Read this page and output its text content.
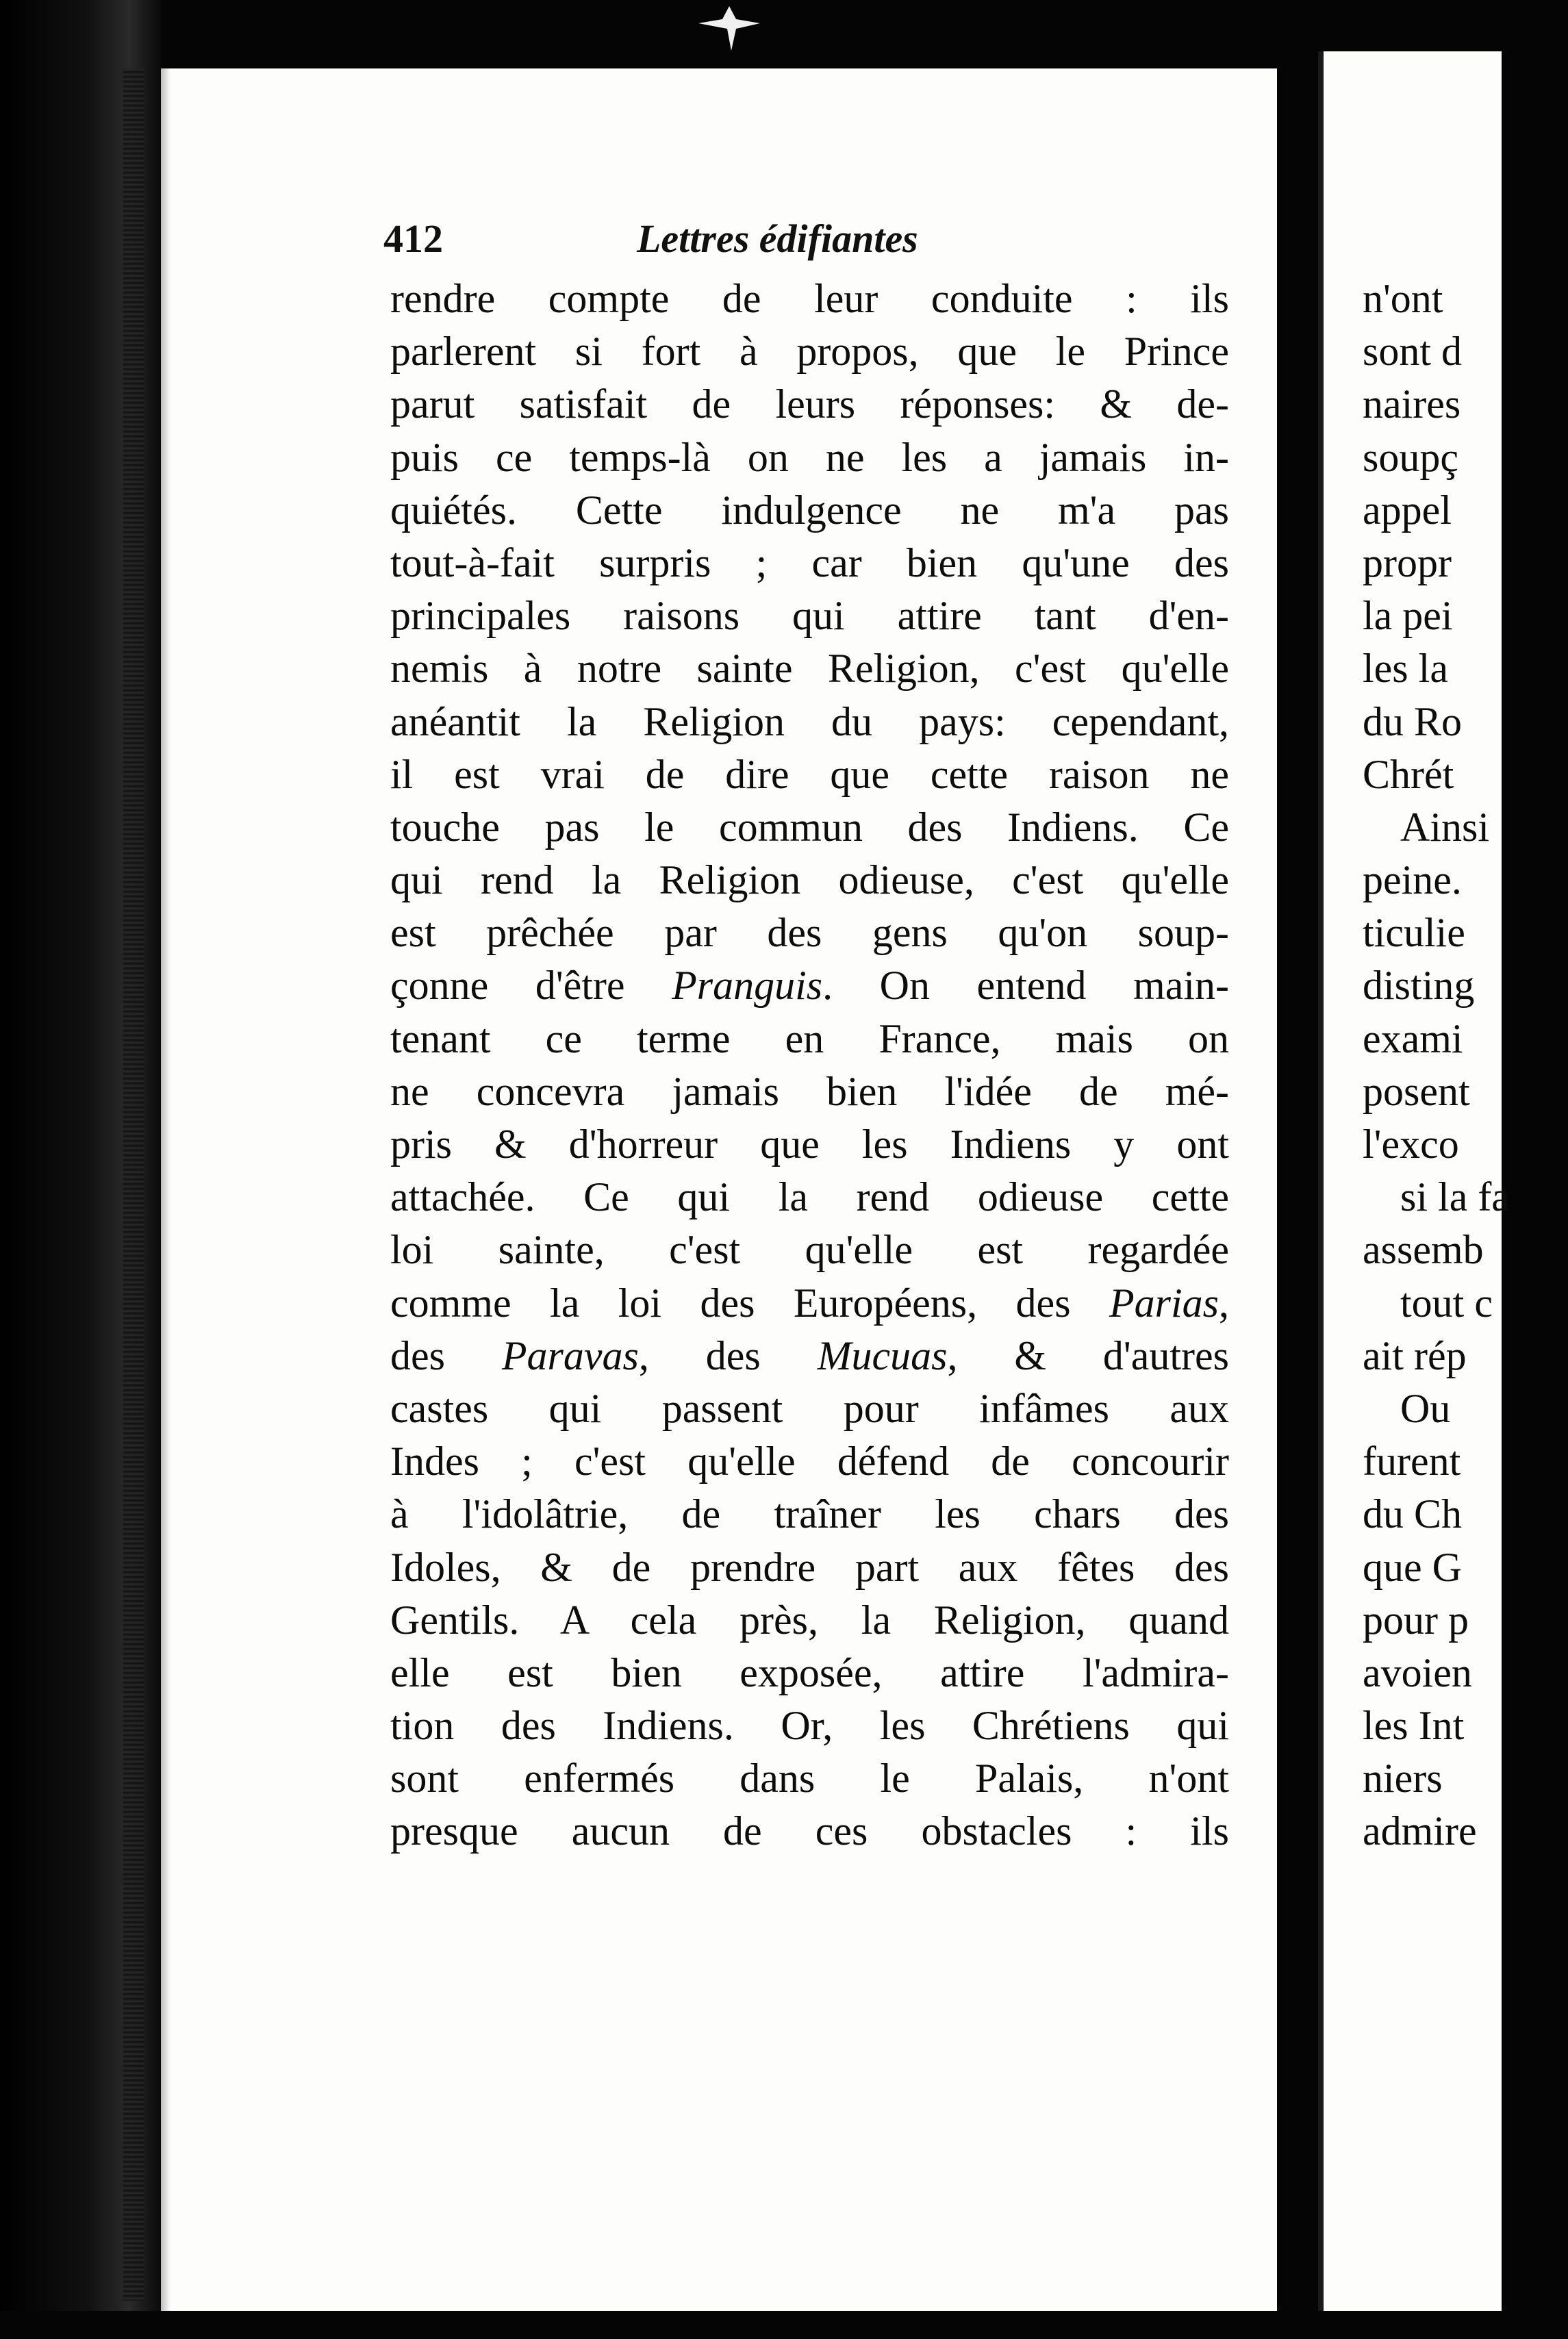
412	Lettres édifiantes
rendre compte de leur conduite : ils
parlerent si fort à propos, que le Prince
parut satisfait de leurs réponses: & de-
puis ce temps-là on ne les a jamais in-
quiétés. Cette indulgence ne m'a pas
tout-à-fait surpris ; car bien qu'une des
principales raisons qui attire tant d'en-
nemis à notre sainte Religion, c'est qu'elle
anéantit la Religion du pays: cependant,
il est vrai de dire que cette raison ne
touche pas le commun des Indiens. Ce
qui rend la Religion odieuse, c'est qu'elle
est prêchée par des gens qu'on soup-
çonne d'être Pranguis. On entend main-
tenant ce terme en France, mais on
ne concevra jamais bien l'idée de mé-
pris & d'horreur que les Indiens y ont
attachée. Ce qui la rend odieuse cette
loi sainte, c'est qu'elle est regardée
comme la loi des Européens, des Parias,
des Paravas, des Mucuas, & d'autres
castes qui passent pour infâmes aux
Indes ; c'est qu'elle défend de concourir
à l'idolâtrie, de traîner les chars des
Idoles, & de prendre part aux fêtes des
Gentils. A cela près, la Religion, quand
elle est bien exposée, attire l'admira-
tion des Indiens. Or, les Chrétiens qui
sont enfermés dans le Palais, n'ont
presque aucun de ces obstacles : ils
n'ont
sont d
naires
soupç
appel
propr
la pei
les la
du Ro
Chrét
Ainsi
peine.
ticulie
disting
exami
posent
l'exco
si la fa
assemb
tout c
ait rép
Ou
furent
du Ch
que G
pour p
avoien
les Int
niers
admire
